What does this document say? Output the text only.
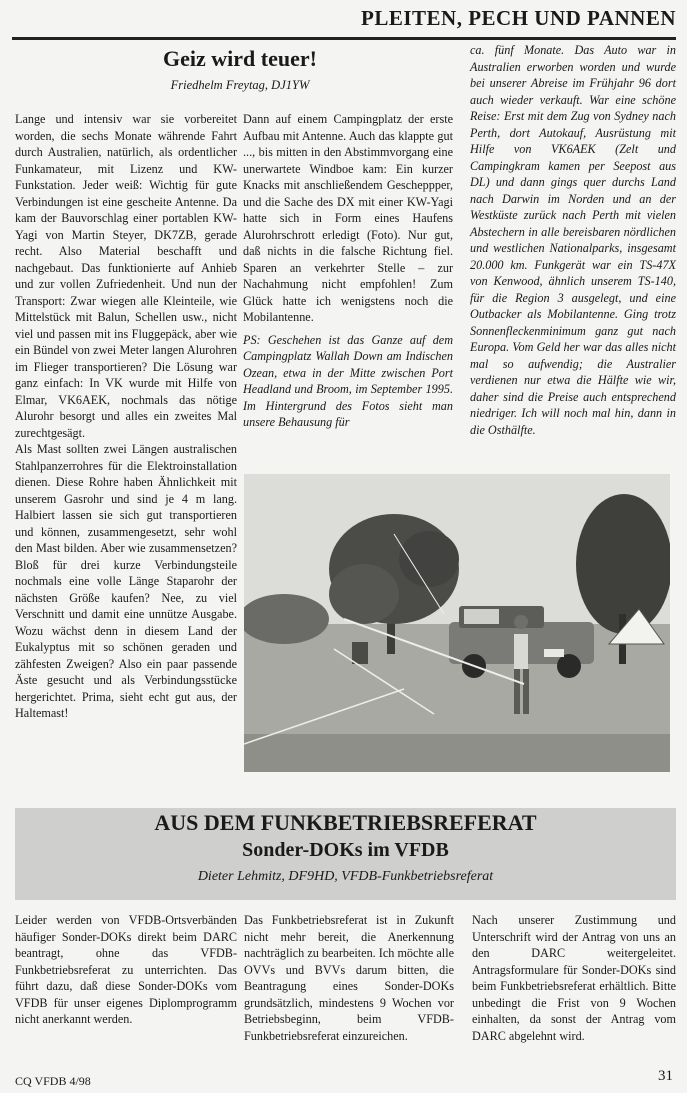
PLEITEN, PECH UND PANNEN
Geiz wird teuer!
Friedhelm Freytag, DJ1YW

Lange und intensiv war sie vorbereitet worden, die sechs Monate währende Fahrt durch Australien, natürlich, als ordentlicher Funkamateur, mit Lizenz und KW-Funkstation. Jeder weiß: Wichtig für gute Verbindungen ist eine gescheite Antenne. Da kam der Bauvorschlag einer portablen KW-Yagi von Martin Steyer, DK7ZB, gerade recht. Also Material beschafft und nachgebaut. Das funktionierte auf Anhieb und zur vollen Zufriedenheit. Und nun der Transport: Zwar wiegen alle Kleinteile, wie Mittelstück mit Balun, Schellen usw., nicht viel und passen mit ins Fluggepäck, aber wie ein Bündel von zwei Meter langen Alurohren im Flieger transportieren? Die Lösung war ganz einfach: In VK wurde mit Hilfe von Elmar, VK6AEK, nochmals das nötige Alurohr besorgt und alles ein zweites Mal zurechtgesägt.

Als Mast sollten zwei Längen australischen Stahlpanzerrohres für die Elektroinstallation dienen. Diese Rohre haben Ähnlichkeit mit unserem Gasrohr und sind je 4 m lang. Halbiert lassen sie sich gut transportieren und können, zusammengesetzt, sehr wohl den Mast bilden. Aber wie zusammensetzen? Bloß für drei kurze Verbindungsteile nochmals eine volle Länge Staparohr der nächsten Größe kaufen? Nee, zu viel Verschnitt und damit eine unnütze Ausgabe. Wozu wächst denn in diesem Land der Eukalyptus mit so schönen geraden und zähfesten Zweigen? Also ein paar passende Äste gesucht und als Verbindungsstücke hergerichtet. Prima, sieht echt gut aus, der Haltemast!

Dann auf einem Campingplatz der erste Aufbau mit Antenne. Auch das klappte gut ..., bis mitten in den Abstimmvorgang eine unerwartete Windboe kam: Ein kurzer Knacks mit anschließendem Gescheppper, und die Sache des DX mit einer KW-Yagi hatte sich in Form eines Haufens Alurohrschrott erledigt (Foto). Nur gut, daß nichts in die falsche Richtung fiel. Sparen an verkehrter Stelle – zur Nachahmung nicht empfohlen! Zum Glück hatte ich wenigstens noch die Mobilantenne.

PS: Geschehen ist das Ganze auf dem Campingplatz Wallah Down am Indischen Ozean, etwa in der Mitte zwischen Port Headland und Broom, im September 1995. Im Hintergrund des Fotos sieht man unsere Behausung für

ca. fünf Monate. Das Auto war in Australien erworben worden und wurde bei unserer Abreise im Frühjahr 96 dort auch wieder verkauft. War eine schöne Reise: Erst mit dem Zug von Sydney nach Perth, dort Autokauf, Ausrüstung mit Hilfe von VK6AEK (Zelt und Campingkram kamen per Seepost aus DL) und dann gings quer durchs Land nach Darwin im Norden und an der Westküste zurück nach Perth mit vielen Abstechern in alle bereisbaren nördlichen und westlichen Nationalparks, insgesamt 20.000 km. Funkgerät war ein TS-47X von Kenwood, ähnlich unserem TS-140, für die Region 3 ausgelegt, und eine Outbacker als Mobilantenne. Ging trotz Sonnenfleckenminimum ganz gut nach Europa. Vom Geld her war das alles nicht mal so aufwendig; die Australier verdienen nur etwa die Hälfte wie wir, daher sind die Preise auch entsprechend niedriger. Ich will noch mal hin, dann in die Osthälfte.

AUS DEM FUNKBETRIEBSREFERAT
Sonder-DOKs im VFDB
Dieter Lehmitz, DF9HD, VFDB-Funkbetriebsreferat
Leider werden von VFDB-Ortsverbänden häufiger Sonder-DOKs direkt beim DARC beantragt, ohne das VFDB-Funkbetriebsreferat zu unterrichten. Das führt dazu, daß diese Sonder-DOKs vom VFDB für unser eigenes Diplomprogramm nicht anerkannt werden.
Das Funkbetriebsreferat ist in Zukunft nicht mehr bereit, die Anerkennung nachträglich zu bearbeiten. Ich möchte alle OVVs und BVVs darum bitten, die Beantragung eines Sonder-DOKs grundsätzlich, mindestens 9 Wochen vor Betriebsbeginn, beim VFDB-Funkbetriebsreferat einzureichen.
Nach unserer Zustimmung und Unterschrift wird der Antrag von uns an den DARC weitergeleitet. Antragsformulare für Sonder-DOKs sind beim Funkbetriebsreferat erhältlich. Bitte unbedingt die Frist von 9 Wochen einhalten, da sonst der Antrag vom DARC abgelehnt wird.
CQ VFDB 4/98	31
